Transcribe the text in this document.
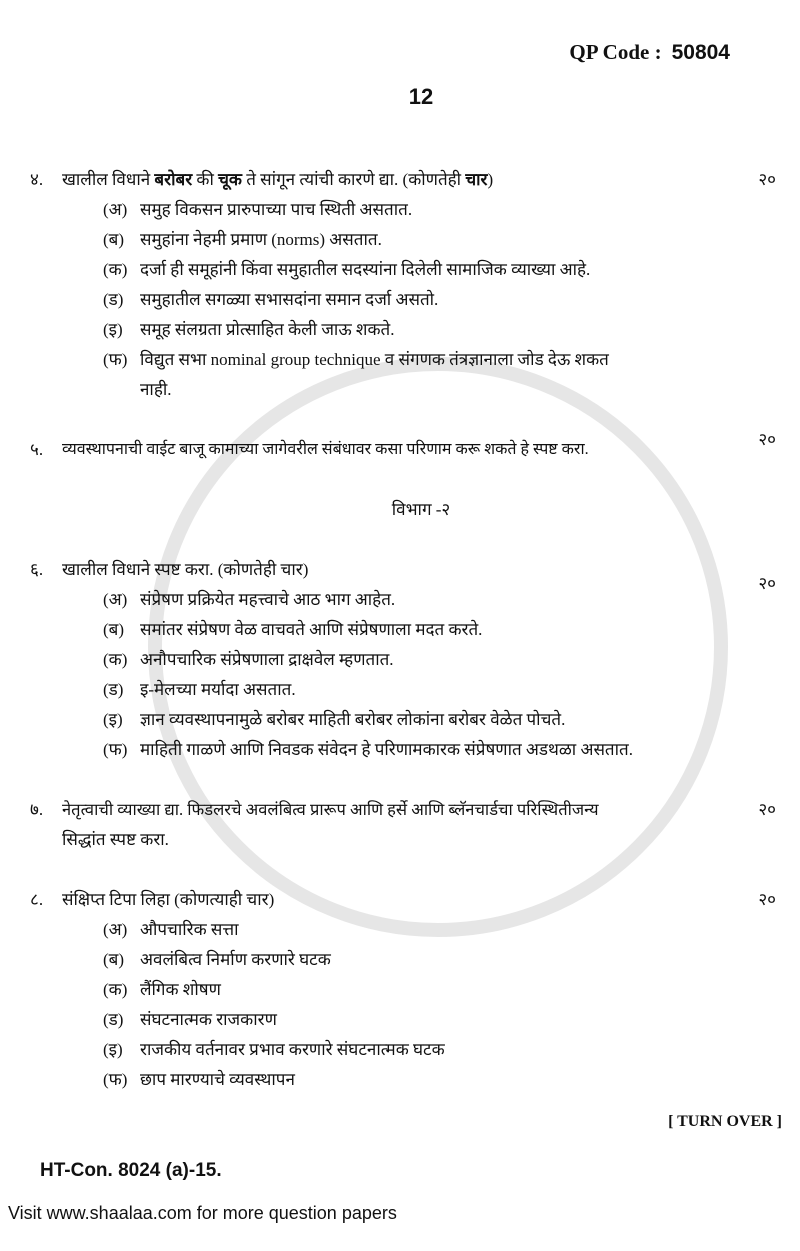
QP Code : 50804
12
४.	२०
खालील विधाने बरोबर की चूक ते सांगून त्यांची कारणे द्या. (कोणतेही चार)
(अ) समुह विकसन प्रारुपाच्या पाच स्थिती असतात.
(ब) समुहांना नेहमी प्रमाण (norms) असतात.
(क) दर्जा ही समूहांनी किंवा समुहातील सदस्यांना दिलेली सामाजिक व्याख्या आहे.
(ड) समुहातील सगळ्या सभासदांना समान दर्जा असतो.
(इ) समूह संलग्रता प्रोत्साहित केली जाऊ शकते.
(फ) विद्युत सभा nominal group technique व संगणक तंत्रज्ञानाला जोड देऊ शकत
नाही.
५.
२०
व्यवस्थापनाची वाईट बाजू कामाच्या जागेवरील संबंधावर कसा परिणाम करू शकते हे स्पष्ट करा.
विभाग -२
६.
२०
खालील विधाने स्पष्ट करा. (कोणतेही चार)
(अ) संप्रेषण प्रक्रियेत महत्त्वाचे आठ भाग आहेत.
(ब) समांतर संप्रेषण वेळ वाचवते आणि संप्रेषणाला मदत करते.
(क) अनौपचारिक संप्रेषणाला द्राक्षवेल म्हणतात.
(ड) इ-मेलच्या मर्यादा असतात.
(इ) ज्ञान व्यवस्थापनामुळे बरोबर माहिती बरोबर लोकांना बरोबर वेळेत पोचते.
(फ) माहिती गाळणे आणि निवडक संवेदन हे परिणामकारक संप्रेषणात अडथळा असतात.
७.	२०
नेतृत्वाची व्याख्या द्या. फिडलरचे अवलंबित्व प्रारूप आणि हर्से आणि ब्लॅनचार्डचा परिस्थितीजन्य
सिद्धांत स्पष्ट करा.
८.	२०
संक्षिप्त टिपा लिहा (कोणत्याही चार)
(अ) औपचारिक सत्ता
(ब) अवलंबित्व निर्माण करणारे घटक
(क) लैंगिक शोषण
(ड) संघटनात्मक राजकारण
(इ) राजकीय वर्तनावर प्रभाव करणारे संघटनात्मक घटक
(फ) छाप मारण्याचे व्यवस्थापन
[ TURN OVER ]
HT-Con. 8024 (a)-15.
Visit www.shaalaa.com for more question papers
